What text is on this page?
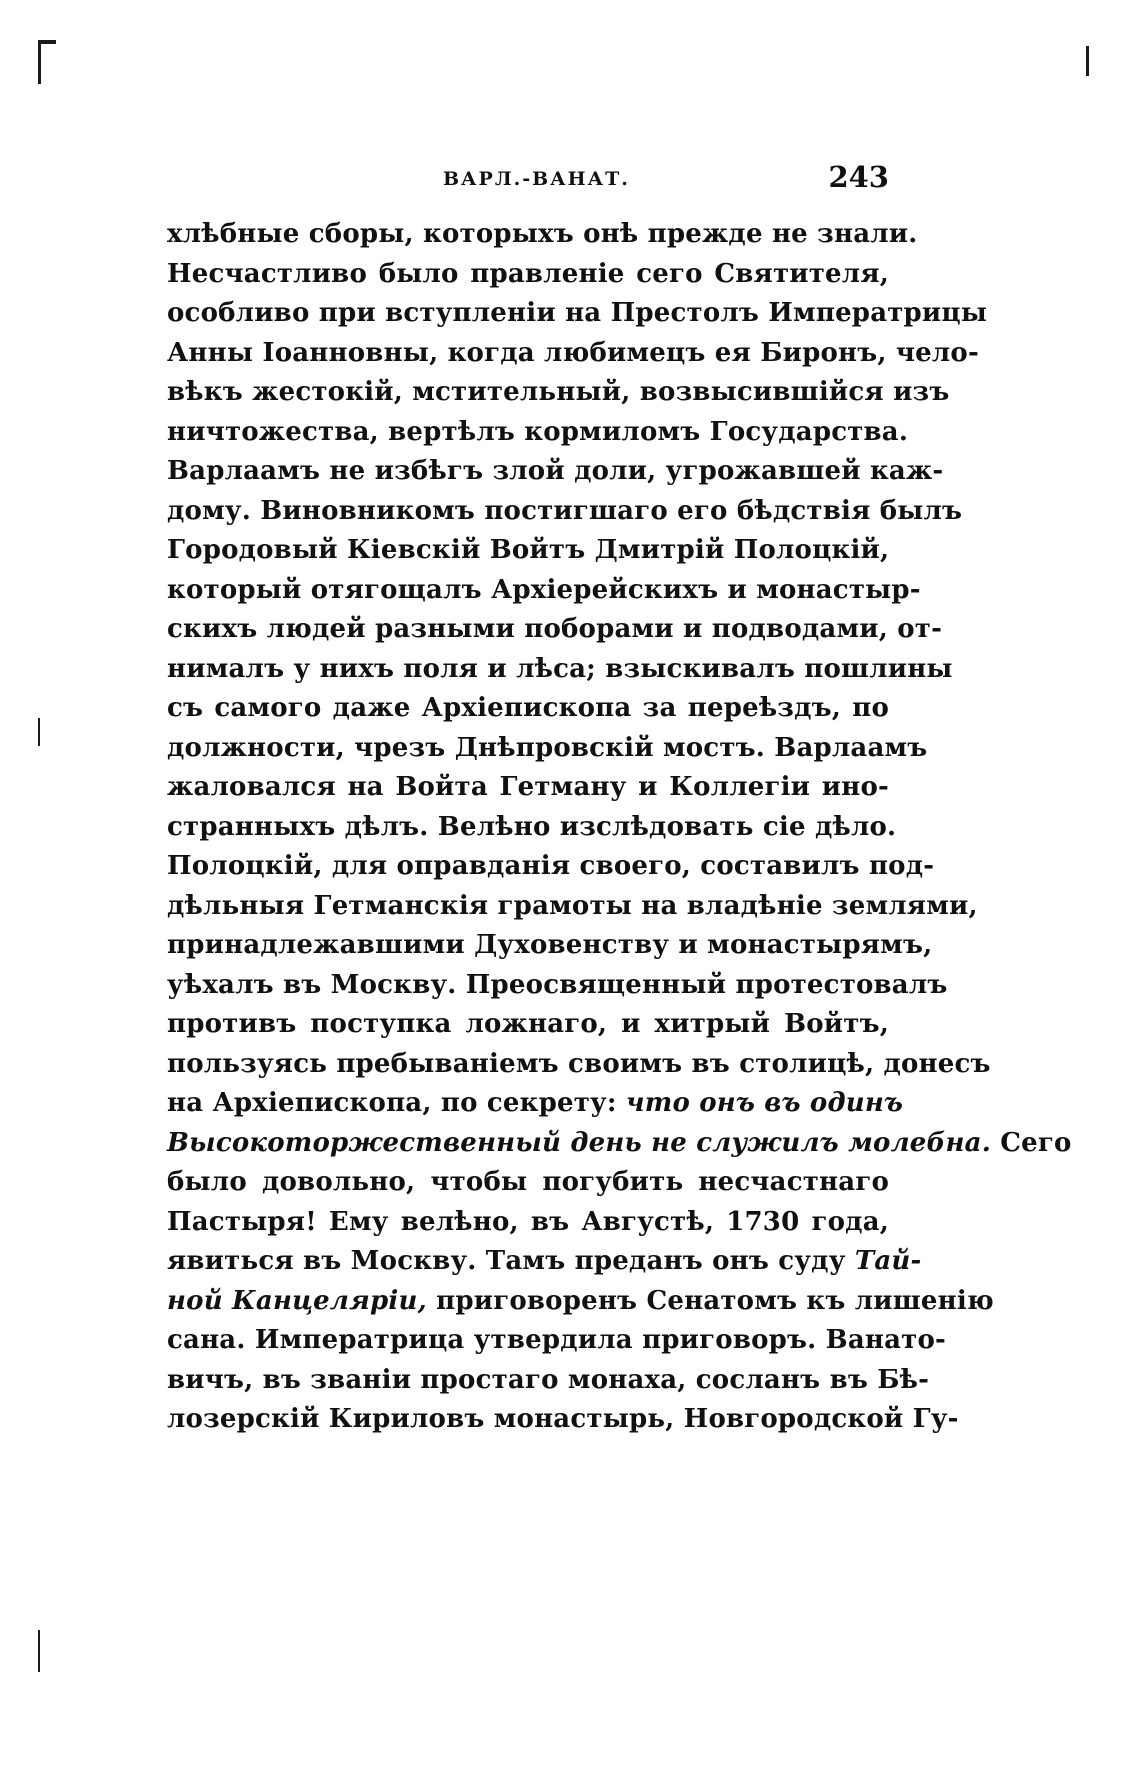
ВАРЛ.-ВАНАТ.	243
хлѣбные сборы, которыхъ онѣ прежде не знали.
Несчастливо было правленіе сего Святителя,
особливо при вступленіи на Престолъ Императрицы
Анны Іоанновны, когда любимецъ ея Биронъ, чело-
вѣкъ жестокій, мстительный, возвысившійся изъ
ничтожества, вертѣлъ кормиломъ Государства.
Варлаамъ не избѣгъ злой доли, угрожавшей каж-
дому. Виновникомъ постигшаго его бѣдствія былъ
Городовый Кіевскій Войтъ Дмитрій Полоцкій,
который отягощалъ Архіерейскихъ и монастыр-
скихъ людей разными поборами и подводами, от-
нималъ у нихъ поля и лѣса; взыскивалъ пошлины
съ самого даже Архіепископа за переѣздъ, по
должности, чрезъ Днѣпровскій мостъ. Варлаамъ
жаловался на Войта Гетману и Коллегіи ино-
странныхъ дѣлъ. Велѣно изслѣдовать сіе дѣло.
Полоцкій, для оправданія своего, составилъ под-
дѣльныя Гетманскія грамоты на владѣніе землями,
принадлежавшими Духовенству и монастырямъ,
уѣхалъ въ Москву. Преосвященный протестовалъ
противъ поступка ложнаго, и хитрый Войтъ,
пользуясь пребываніемъ своимъ въ столицѣ, донесъ
на Архіепископа, по секрету: что онъ въ одинъ
Высокоторжественный день не служилъ молебна. Сего
было довольно, чтобы погубить несчастнаго
Пастыря! Ему велѣно, въ Августѣ, 1730 года,
явиться въ Москву. Тамъ преданъ онъ суду Тай-
ной Канцеляріи, приговоренъ Сенатомъ къ лишенію
сана. Императрица утвердила приговоръ. Ванато-
вичъ, въ званіи простаго монаха, сосланъ въ Бѣ-
лозерскій Кириловъ монастырь, Новгородской Гу-
